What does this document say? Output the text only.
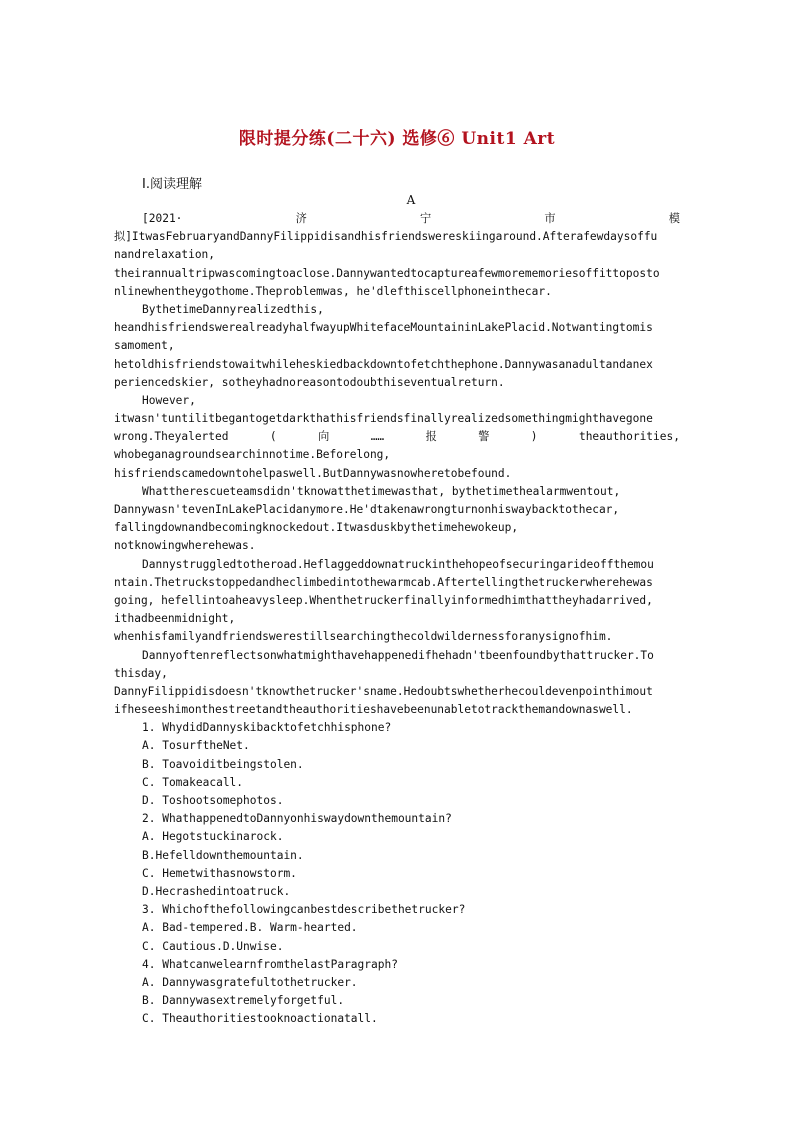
限时提分练(二十六) 选修⑥ Unit1 Art
Ⅰ.阅读理解
A
[2021·	济	宁	市	模
拟]ItwasFebruaryandDannyFilippidisandhisfriendswereskiingaround.Afterafewdaysoffu
nandrelaxation,
theirannualtripwascomingtoaclose.Dannywantedtocaptureafewmorememoriesoffittoposto
nlinewhentheygothome.Theproblemwas, he'dlefthiscellphoneinthecar.
BythetimeDannyrealizedthis,
heandhisfriendswerealreadyhalfwayupWhitefaceMountaininLakePlacid.Notwantingtomis
samoment,
hetoldhisfriendstowaitwhileheskiedbackdowntofetchthephone.Dannywasanadultandanex
periencedskier, sotheyhadnoreasontodoubthiseventualreturn.
However,
itwasn'tuntilitbegantogetdarkthathisfriendsfinallyrealizedsomethingmighthavegone
wrong.Theyalerted	(	向	……	报	警	)	theauthorities,
whobeganagroundsearchinnotime.Beforelong,
hisfriendscamedowntohelpaswell.ButDannywasnowheretobefound.
Whattherescueteamsdidn'tknowatthetimewasthat, bythetimethealarmwentout,
Dannywasn'tevenInLakePlacidanymore.He'dtakenawrongturnonhiswaybacktothecar,
fallingdownandbecomingknockedout.Itwasduskbythetimehewokeup,
notknowingwherehewas.
Dannystruggledtotheroad.Heflaggeddownatruckinthehopeofsecuringarideoffthemou
ntain.Thetruckstoppedandheclimbedintothewarmcab.Aftertellingthetruckerwherehewas
going, hefellintoaheavysleep.Whenthetruckerfinallyinformedhimthattheyhadarrived,
ithadbeenmidnight,
whenhisfamilyandfriendswerestillsearchingthecoldwildernessforanysignofhim.
Dannyoftenreflectsonwhatmighthavehappenedifhehadn'tbeenfoundbythattrucker.To
thisday,
DannyFilippidisdoesn'tknowthetrucker'sname.Hedoubtswhetherhecouldevenpointhimout
ifheseeshimonthestreetandtheauthoritieshavebeenunabletotrackthemandownaswell.
1. WhydidDannyskibacktofetchhisphone?
A. TosurftheNet.
B. Toavoiditbeingstolen.
C. Tomakeacall.
D. Toshootsomephotos.
2. WhathappenedtoDannyonhiswaydownthemountain?
A. Hegotstuckinarock.
B.Hefelldownthemountain.
C. Hemetwithasnowstorm.
D.Hecrashedintoatruck.
3. Whichofthefollowingcanbestdescribethetrucker?
A. Bad-tempered.B. Warm-hearted.
C. Cautious.D.Unwise.
4. WhatcanwelearnfromthelastParagraph?
A. Dannywasgratefultothetrucker.
B. Dannywasextremelyforgetful.
C. Theauthoritiestooknoactionatall.
